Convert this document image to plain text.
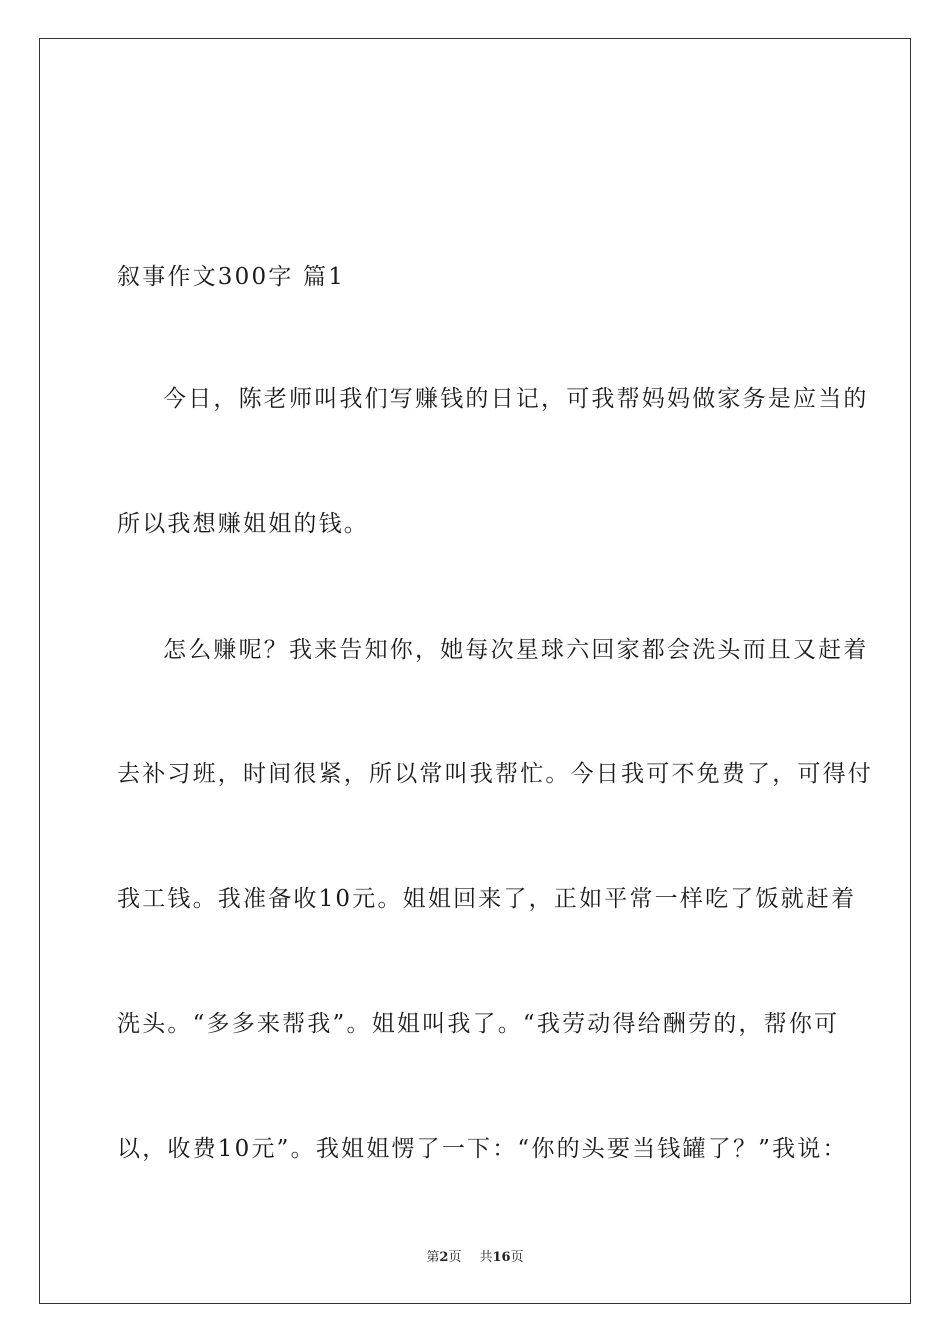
叙事作文300字 篇1
今日，陈老师叫我们写赚钱的日记，可我帮妈妈做家务是应当的
所以我想赚姐姐的钱。
怎么赚呢？我来告知你，她每次星球六回家都会洗头而且又赶着
去补习班，时间很紧，所以常叫我帮忙。今日我可不免费了，可得付
我工钱。我准备收10元。姐姐回来了，正如平常一样吃了饭就赶着
洗头。“多多来帮我”。姐姐叫我了。“我劳动得给酬劳的，帮你可
以，收费10元”。我姐姐愣了一下：“你的头要当钱罐了？”我说：
第2页 共16页
